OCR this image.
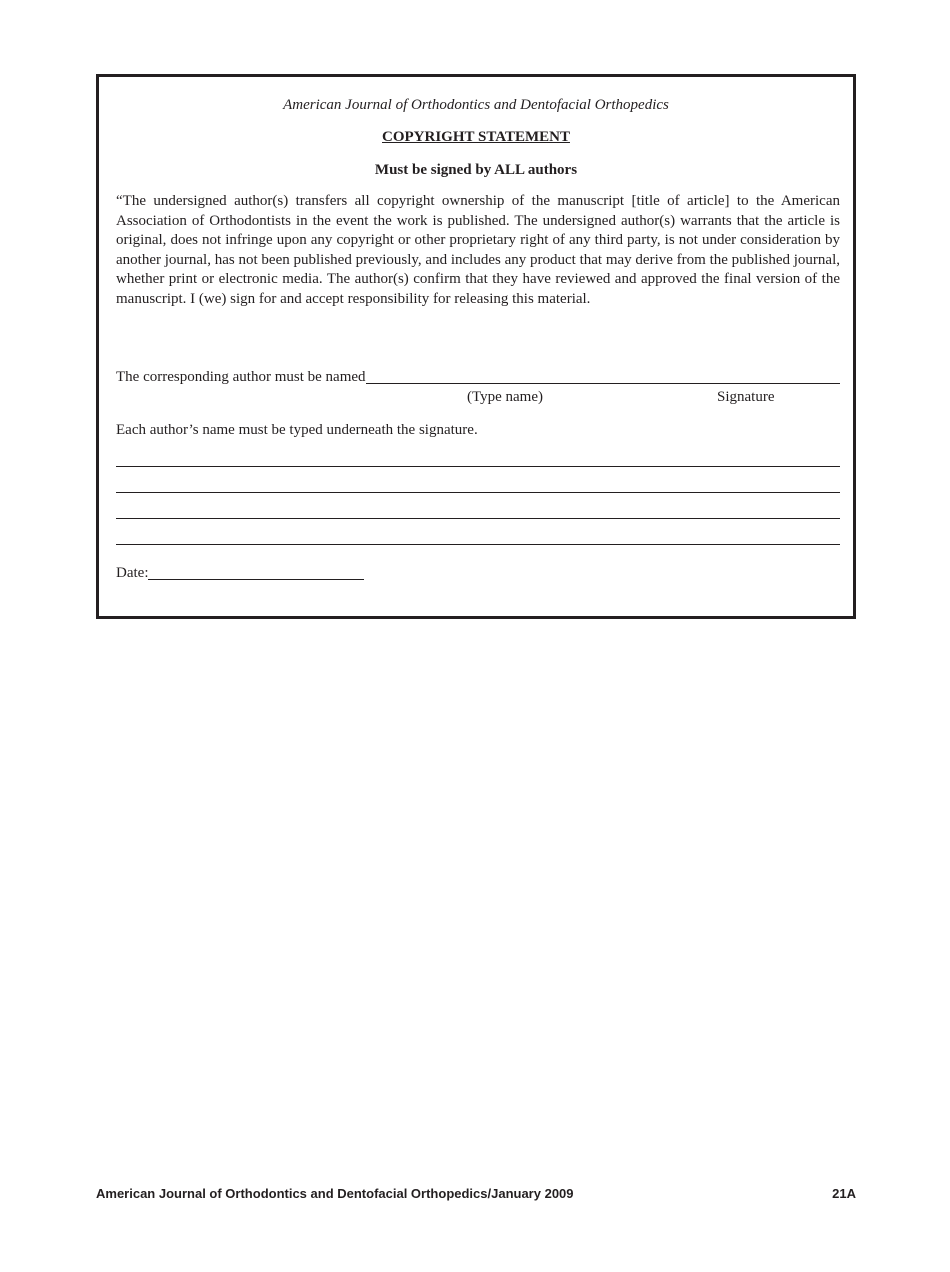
American Journal of Orthodontics and Dentofacial Orthopedics

COPYRIGHT STATEMENT

Must be signed by ALL authors

“The undersigned author(s) transfers all copyright ownership of the manuscript [title of article] to the American Association of Orthodontists in the event the work is published. The undersigned author(s) warrants that the article is original, does not infringe upon any copyright or other proprietary right of any third party, is not under consideration by another journal, has not been published previously, and includes any product that may derive from the published journal, whether print or electronic media. The author(s) confirm that they have reviewed and approved the final version of the manuscript. I (we) sign for and accept responsibility for releasing this material.

The corresponding author must be named
(Type name)	Signature
Each author’s name must be typed underneath the signature.
Date:
American Journal of Orthodontics and Dentofacial Orthopedics/January 2009	21A
